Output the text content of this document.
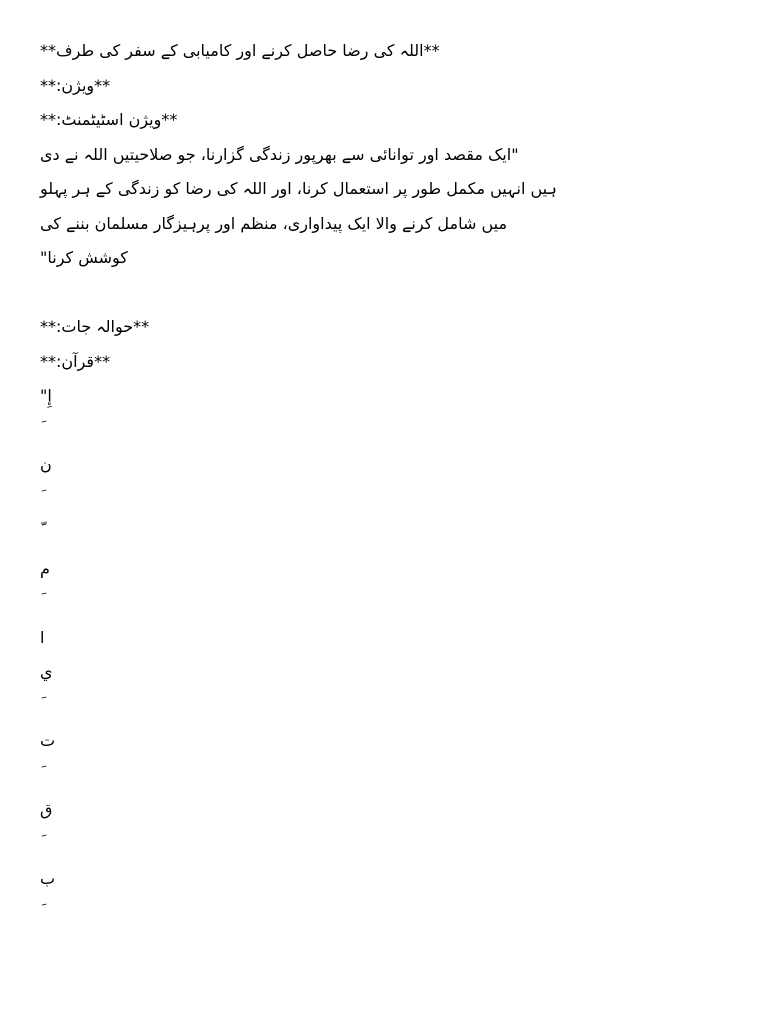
**اللہ کی رضا حاصل کرنے اور کامیابی کے سفر کی طرف**
**ویژن:**
**ویژن اسٹیٹمنٹ:**
"ایک مقصد اور توانائی سے بھرپور زندگی گزارنا، جو صلاحیتیں اللہ نے دی
ہیں انہیں مکمل طور پر استعمال کرنا، اور اللہ کی رضا کو زندگی کے ہر پہلو
میں شامل کرنے والا ایک پیداواری، منظم اور پرہیزگار مسلمان بننے کی
کوشش کرنا"
**حوالہ جات:**
**قرآن:**
"إِ
ن
م
ا
ي
ت
ق
ب
